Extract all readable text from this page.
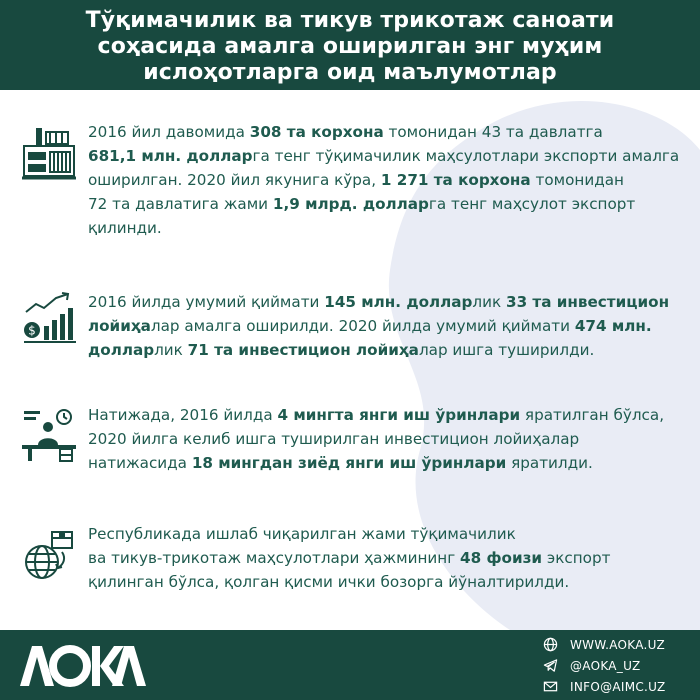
Тўқимачилик ва тикув трикотаж саноати
соҳасида амалга оширилган энг муҳим
ислоҳотларга оид маълумотлар
2016 йил давомида 308 та корхона томонидан 43 та давлатга
681,1 млн. долларга тенг тўқимачилик маҳсулотлари экспорти амалга
оширилган. 2020 йил якунига кўра, 1 271 та корхона томонидан
72 та давлатига жами 1,9 млрд. долларга тенг маҳсулот экспорт
қилинди.
$
2016 йилда умумий қиймати 145 млн. долларлик 33 та инвестицион
лойиҳалар амалга оширилди. 2020 йилда умумий қиймати 474 млн.
долларлик 71 та инвестицион лойиҳалар ишга туширилди.
Натижада, 2016 йилда 4 мингта янги иш ўринлари яратилган бўлса,
2020 йилга келиб ишга туширилган инвестицион лойиҳалар
натижасида 18 мингдан зиёд янги иш ўринлари яратилди.
Республикада ишлаб чиқарилган жами тўқимачилик
ва тикув-трикотаж маҳсулотлари ҳажмининг 48 фоизи экспорт
қилинган бўлса, қолган қисми ички бозорга йўналтирилди.
WWW.AOKA.UZ
@AOKA_UZ
INFO@AIMC.UZ
